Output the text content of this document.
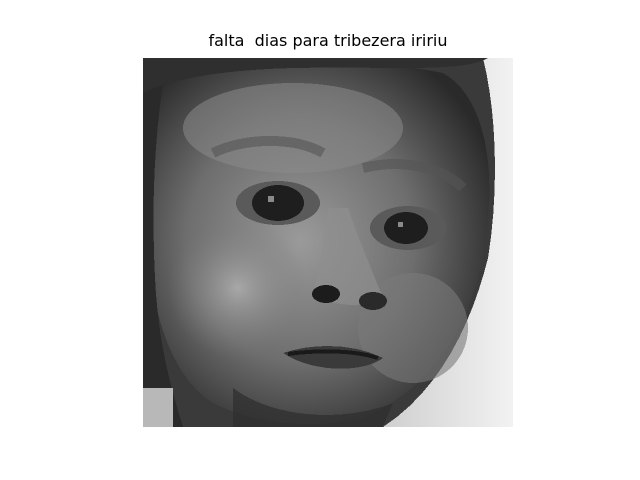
falta  dias para tribezera iririu
